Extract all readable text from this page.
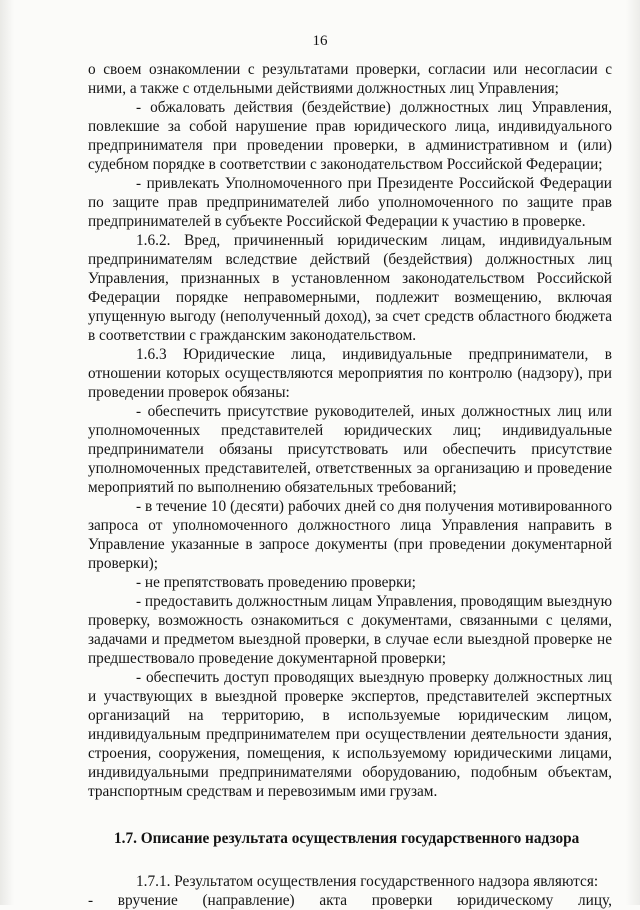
16

о своем ознакомлении с результатами проверки, согласии или несогласии с ними, а также с отдельными действиями должностных лиц Управления;

- обжаловать действия (бездействие) должностных лиц Управления, повлекшие за собой нарушение прав юридического лица, индивидуального предпринимателя при проведении проверки, в административном и (или) судебном порядке в соответствии с законодательством Российской Федерации;

- привлекать Уполномоченного при Президенте Российской Федерации по защите прав предпринимателей либо уполномоченного по защите прав предпринимателей в субъекте Российской Федерации к участию в проверке.

1.6.2. Вред, причиненный юридическим лицам, индивидуальным предпринимателям вследствие действий (бездействия) должностных лиц Управления, признанных в установленном законодательством Российской Федерации порядке неправомерными, подлежит возмещению, включая упущенную выгоду (неполученный доход), за счет средств областного бюджета в соответствии с гражданским законодательством.

1.6.3 Юридические лица, индивидуальные предприниматели, в отношении которых осуществляются мероприятия по контролю (надзору), при проведении проверок обязаны:

- обеспечить присутствие руководителей, иных должностных лиц или уполномоченных представителей юридических лиц; индивидуальные предприниматели обязаны присутствовать или обеспечить присутствие уполномоченных представителей, ответственных за организацию и проведение мероприятий по выполнению обязательных требований;

- в течение 10 (десяти) рабочих дней со дня получения мотивированного запроса от уполномоченного должностного лица Управления направить в Управление указанные в запросе документы (при проведении документарной проверки);

- не препятствовать проведению проверки;

- предоставить должностным лицам Управления, проводящим выездную проверку, возможность ознакомиться с документами, связанными с целями, задачами и предметом выездной проверки, в случае если выездной проверке не предшествовало проведение документарной проверки;

- обеспечить доступ проводящих выездную проверку должностных лиц и участвующих в выездной проверке экспертов, представителей экспертных организаций на территорию, в используемые юридическим лицом, индивидуальным предпринимателем при осуществлении деятельности здания, строения, сооружения, помещения, к используемому юридическими лицами, индивидуальными предпринимателями оборудованию, подобным объектам, транспортным средствам и перевозимым ими грузам.

1.7. Описание результата осуществления государственного надзора

1.7.1. Результатом осуществления государственного надзора являются:

- вручение (направление) акта проверки юридическому лицу,
